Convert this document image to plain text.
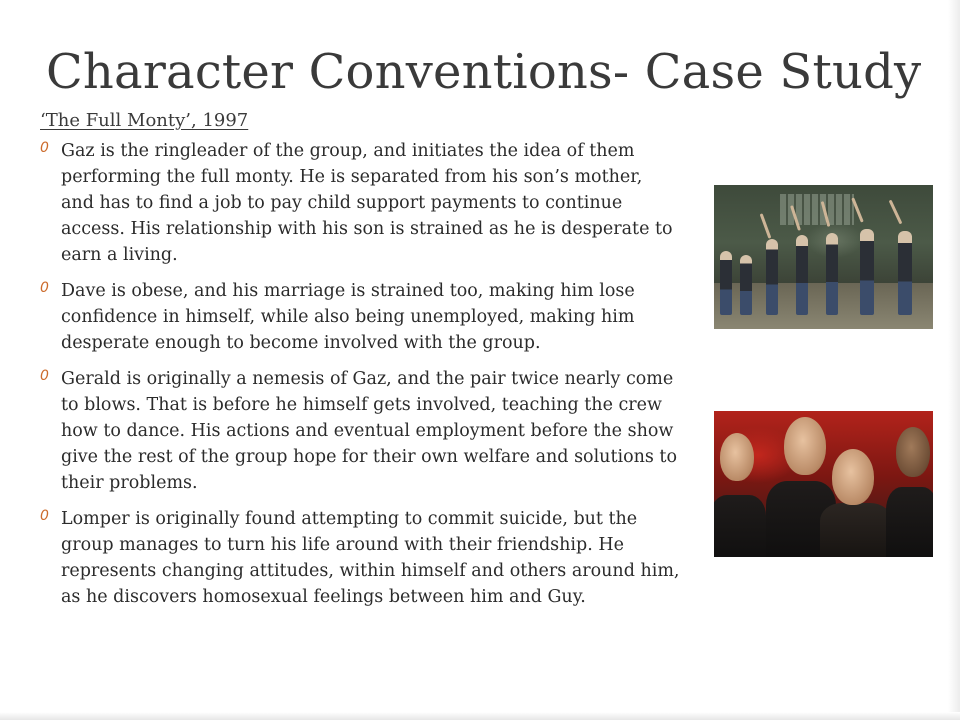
Character Conventions- Case Study
‘The Full Monty’, 1997
0 Gaz is the ringleader of the group, and initiates the idea of them performing the full monty. He is separated from his son’s mother, and has to find a job to pay child support payments to continue access. His relationship with his son is strained as he is desperate to earn a living.
0 Dave is obese, and his marriage is strained too, making him lose confidence in himself, while also being unemployed, making him desperate enough to become involved with the group.
0 Gerald is originally a nemesis of Gaz, and the pair twice nearly come to blows. That is before he himself gets involved, teaching the crew how to dance. His actions and eventual employment before the show give the rest of the group hope for their own welfare and solutions to their problems.
0 Lomper is originally found attempting to commit suicide, but the group manages to turn his life around with their friendship. He represents changing attitudes, within himself and others around him, as he discovers homosexual feelings between him and Guy.
